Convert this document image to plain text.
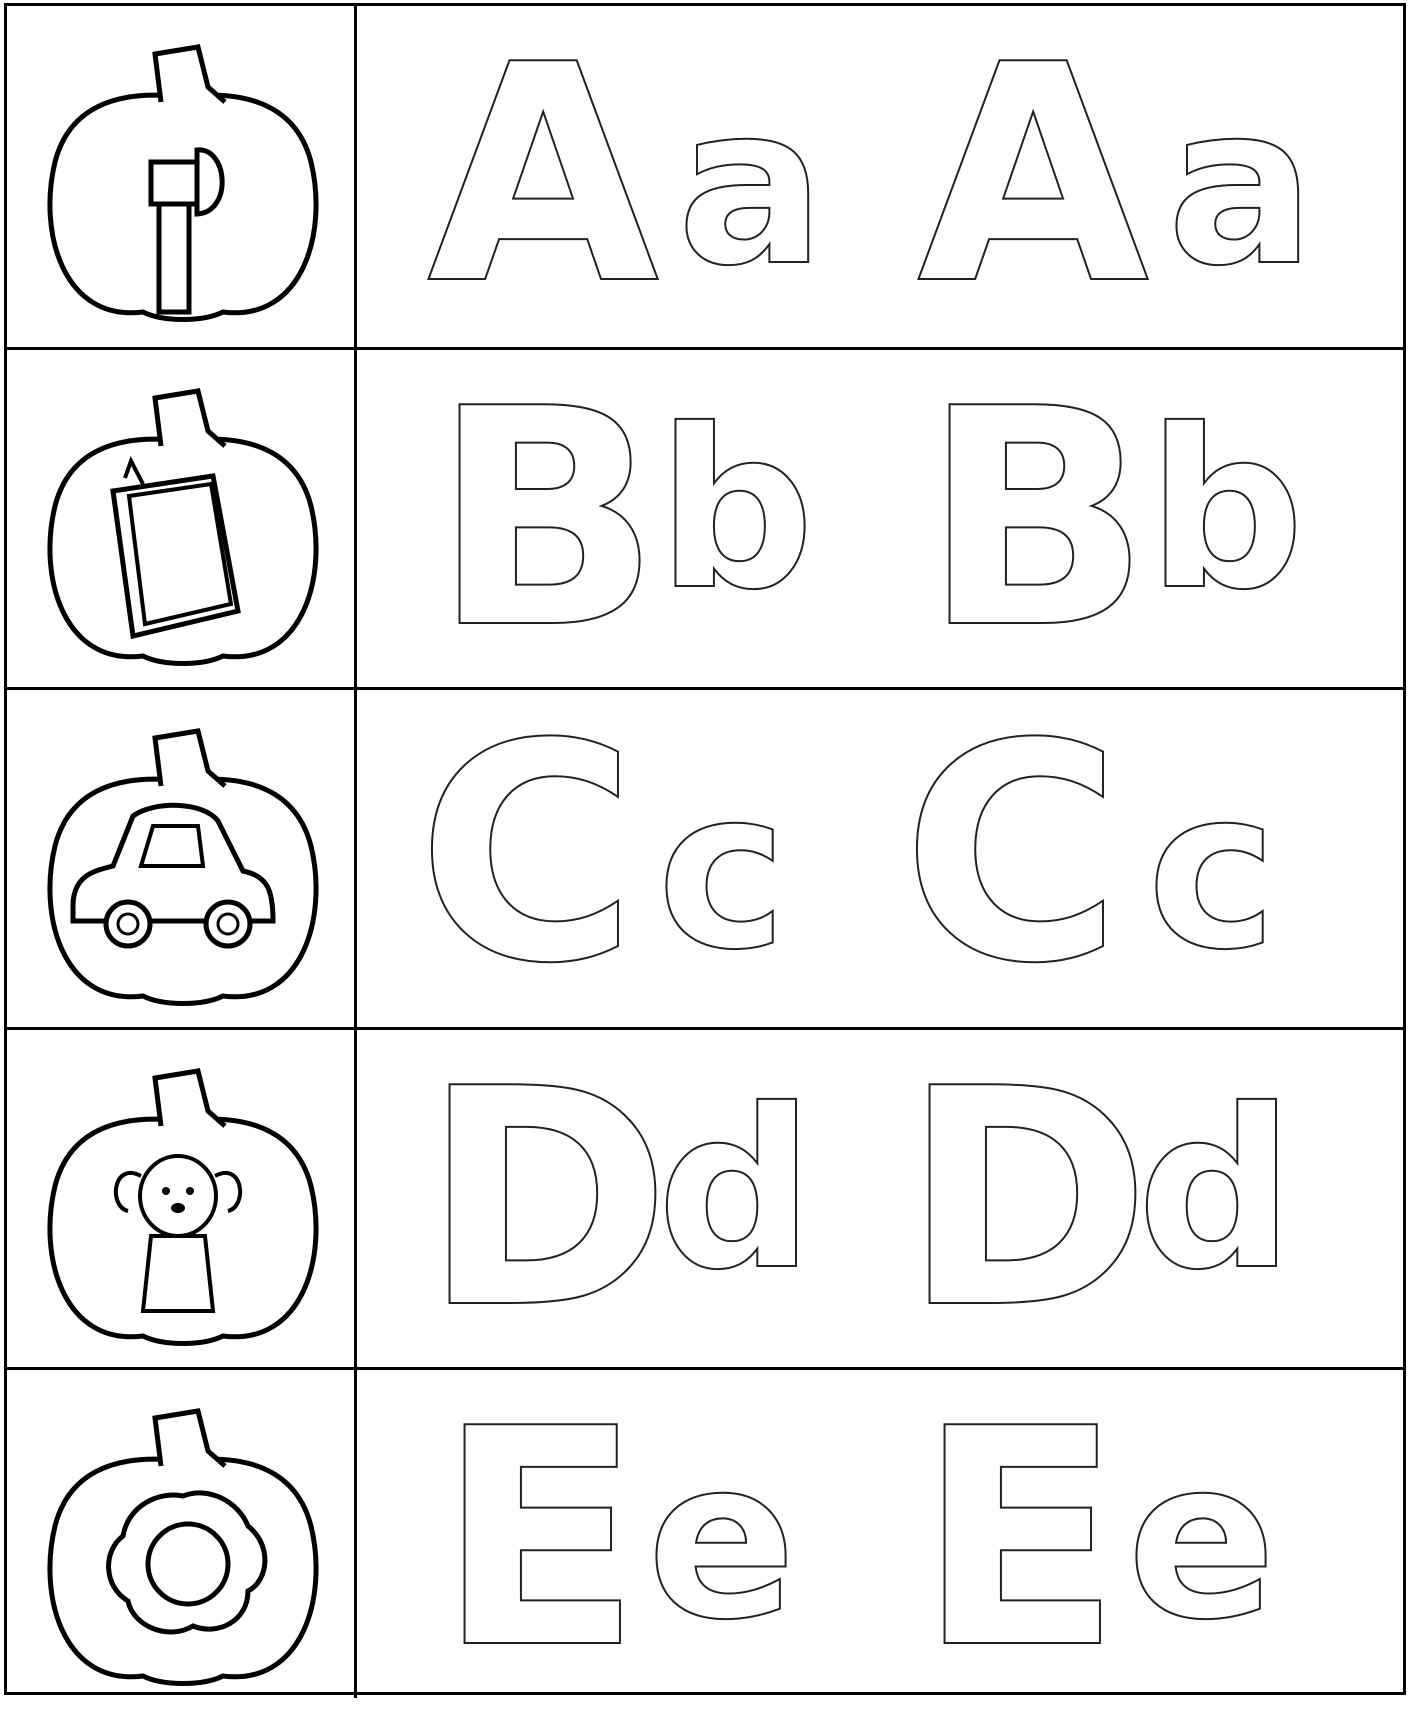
A a A a
B
b B
b
C c C c
D
d D
d
E e E e
